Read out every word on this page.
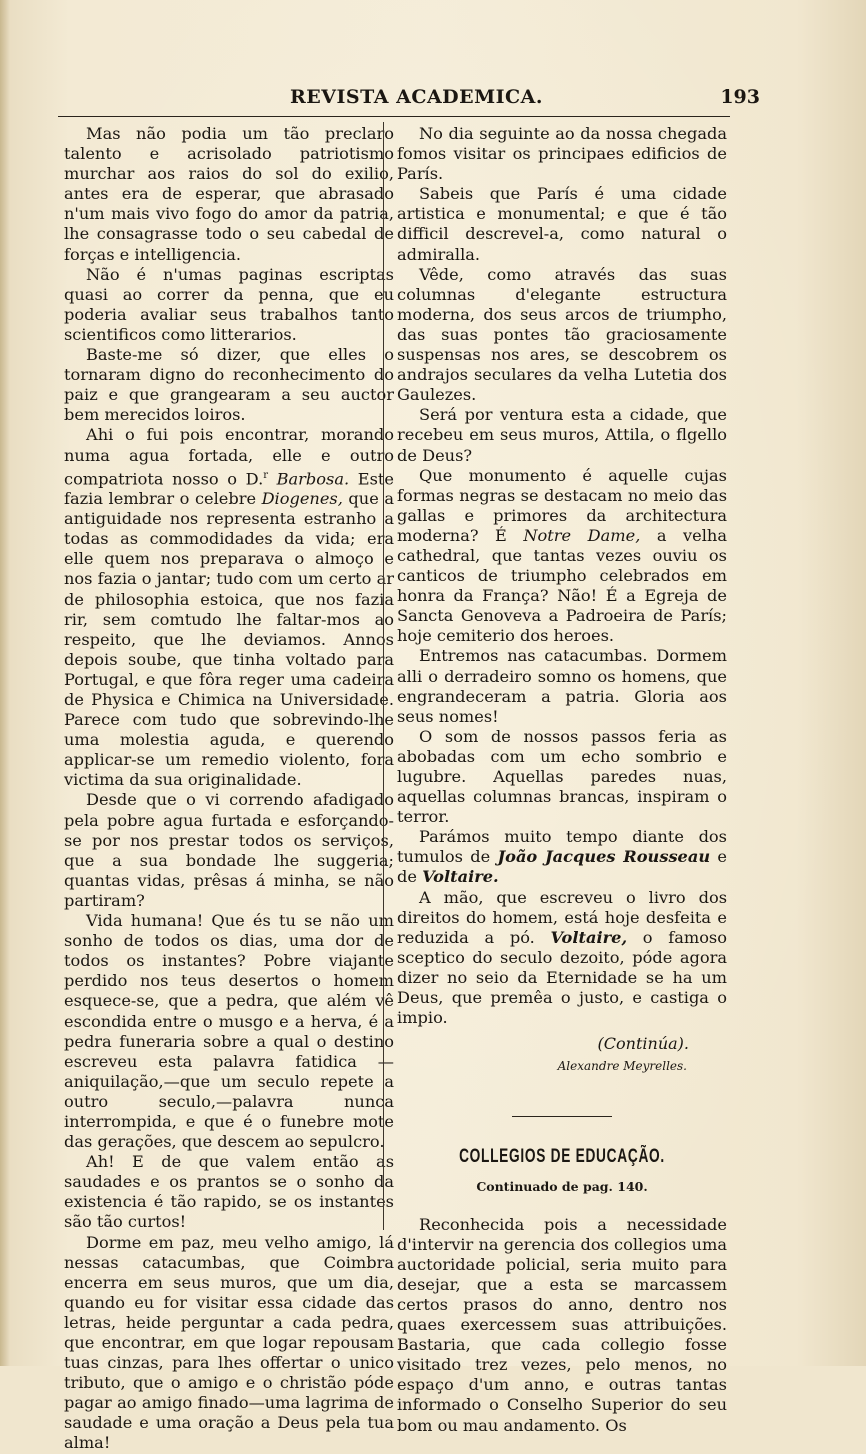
REVISTA ACADEMICA.	193

Mas não podia um tão preclaro talento e acrisolado patriotismo murchar aos raios do sol do exilio, antes era de esperar, que abrasado n'um mais vivo fogo do amor da patria, lhe consagrasse todo o seu cabedal de forças e intelligencia.

Não é n'umas paginas escriptas quasi ao correr da penna, que eu poderia avaliar seus trabalhos tanto scientificos como litterarios.

Baste-me só dizer, que elles o tornaram digno do reconhecimento do paiz e que grangearam a seu auctor bem merecidos loiros.

Ahi o fui pois encontrar, morando numa agua fortada, elle e outro compatriota nosso o D.$^r$ Barbosa. Este fazia lembrar o celebre Diogenes, que a antiguidade nos representa estranho a todas as commodidades da vida; era elle quem nos preparava o almoço e nos fazia o jantar; tudo com um certo ar de philosophia estoica, que nos fazia rir, sem comtudo lhe faltar-mos ao respeito, que lhe deviamos. Annos depois soube, que tinha voltado para Portugal, e que fôra reger uma cadeira de Physica e Chimica na Universidade. Parece com tudo que sobrevindo-lhe uma molestia aguda, e querendo applicar-se um remedio violento, fora victima da sua originalidade.

Desde que o vi correndo afadigado pela pobre agua furtada e esforçando-se por nos prestar todos os serviços, que a sua bondade lhe suggeria; quantas vidas, prêsas á minha, se não partiram?

Vida humana! Que és tu se não um sonho de todos os dias, uma dor de todos os instantes? Pobre viajante perdido nos teus desertos o homem esquece-se, que a pedra, que além vê escondida entre o musgo e a herva, é a pedra funeraria sobre a qual o destino escreveu esta palavra fatidica — aniquilação,—que um seculo repete a outro seculo,—palavra nunca interrompida, e que é o funebre mote das gerações, que descem ao sepulcro.

Ah! E de que valem então as saudades e os prantos se o sonho da existencia é tão rapido, se os instantes são tão curtos!

Dorme em paz, meu velho amigo, lá nessas catacumbas, que Coimbra encerra em seus muros, que um dia, quando eu for visitar essa cidade das letras, heide perguntar a cada pedra, que encontrar, em que logar repousam tuas cinzas, para lhes offertar o unico tributo, que o amigo e o christão póde pagar ao amigo finado—uma lagrima de saudade e uma oração a Deus pela tua alma!

No dia seguinte ao da nossa chegada fomos visitar os principaes edificios de París.

Sabeis que París é uma cidade artistica e monumental; e que é tão difficil descrevel-a, como natural o admiralla.

Vêde, como através das suas columnas d'elegante estructura moderna, dos seus arcos de triumpho, das suas pontes tão graciosamente suspensas nos ares, se descobrem os andrajos seculares da velha Lutetia dos Gaulezes.

Será por ventura esta a cidade, que recebeu em seus muros, Attila, o flgello de Deus?

Que monumento é aquelle cujas formas negras se destacam no meio das gallas e primores da architectura moderna? É Notre Dame, a velha cathedral, que tantas vezes ouviu os canticos de triumpho celebrados em honra da França? Não! É a Egreja de Sancta Genoveva a Padroeira de París; hoje cemiterio dos heroes.

Entremos nas catacumbas. Dormem alli o derradeiro somno os homens, que engrandeceram a patria. Gloria aos seus nomes!

O som de nossos passos feria as abobadas com um echo sombrio e lugubre. Aquellas paredes nuas, aquellas columnas brancas, inspiram o terror.

Parámos muito tempo diante dos tumulos de João Jacques Rousseau e de Voltaire.

A mão, que escreveu o livro dos direitos do homem, está hoje desfeita e reduzida a pó. Voltaire, o famoso sceptico do seculo dezoito, póde agora dizer no seio da Eternidade se ha um Deus, que premêa o justo, e castiga o impio.

(Continúa).
Alexandre Meyrelles.
COLLEGIOS DE EDUCAÇÃO.
Continuado de pag. 140.

Reconhecida pois a necessidade d'intervir na gerencia dos collegios uma auctoridade policial, seria muito para desejar, que a esta se marcassem certos prasos do anno, dentro nos quaes exercessem suas attribuições. Bastaria, que cada collegio fosse visitado trez vezes, pelo menos, no espaço d'um anno, e outras tantas informado o Conselho Superior do seu bom ou mau andamento. Os
